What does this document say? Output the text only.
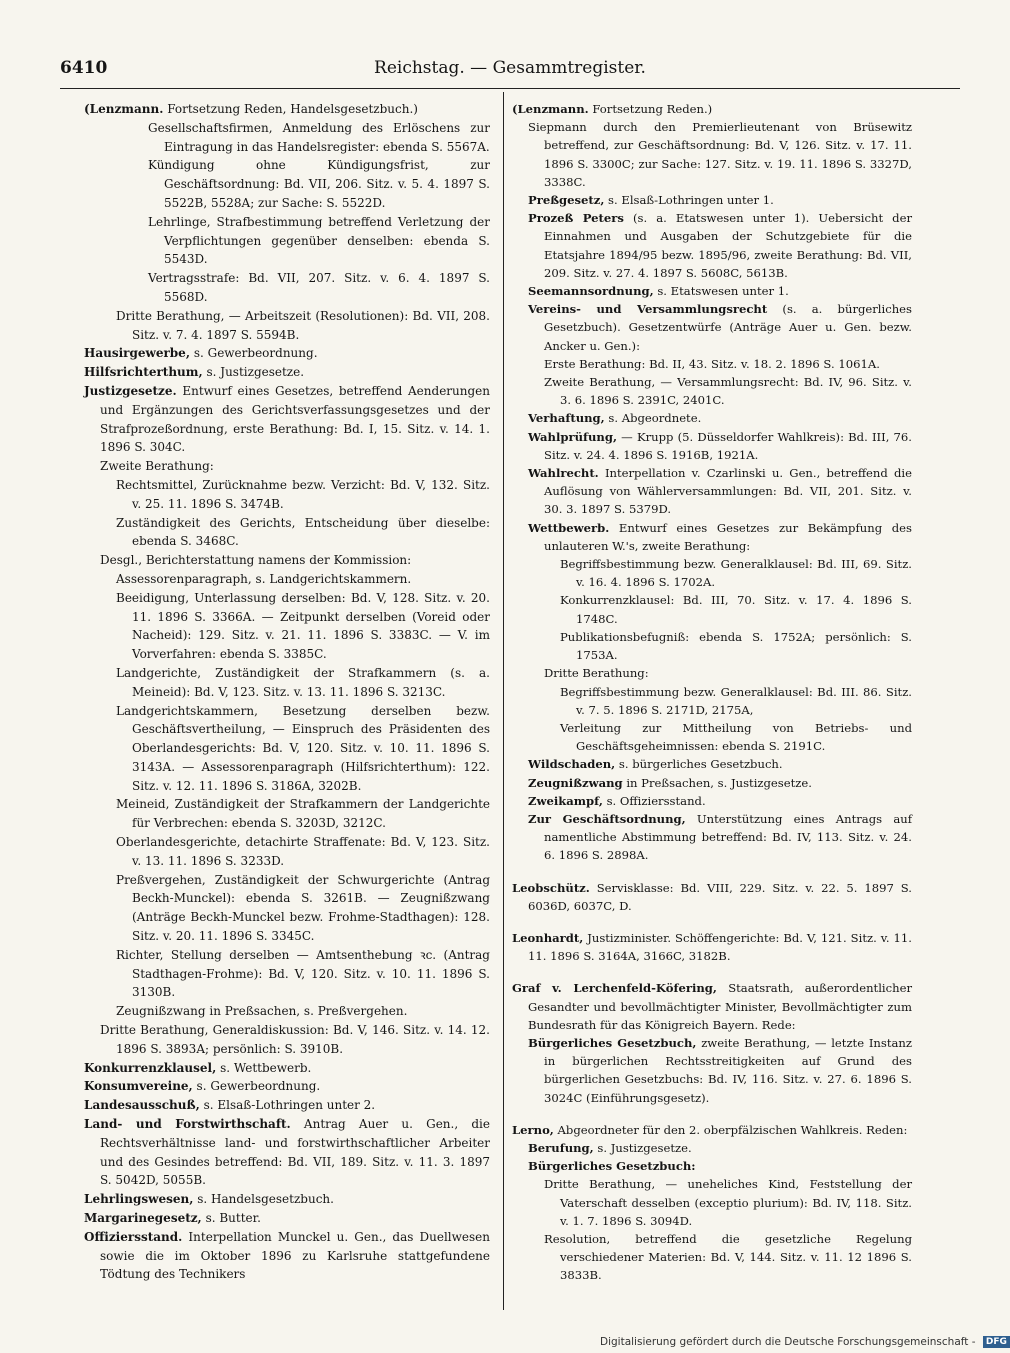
6410	Reichstag. — Gesammtregister.

(Lenzmann. Fortsetzung Reden, Handelsgesetzbuch.)

Gesellschaftsfirmen, Anmeldung des Erlöschens zur Eintragung in das Handelsregister: ebenda S. 5567A.

Kündigung ohne Kündigungsfrist, zur Geschäftsordnung: Bd. VII, 206. Sitz. v. 5. 4. 1897 S. 5522B, 5528A; zur Sache: S. 5522D.

Lehrlinge, Strafbestimmung betreffend Verletzung der Verpflichtungen gegenüber denselben: ebenda S. 5543D.

Vertragsstrafe: Bd. VII, 207. Sitz. v. 6. 4. 1897 S. 5568D.

Dritte Berathung, — Arbeitszeit (Resolutionen): Bd. VII, 208. Sitz. v. 7. 4. 1897 S. 5594B.

Hausirgewerbe, s. Gewerbeordnung.

Hilfsrichterthum, s. Justizgesetze.

Justizgesetze. Entwurf eines Gesetzes, betreffend Aenderungen und Ergänzungen des Gerichtsverfassungsgesetzes und der Strafprozeßordnung, erste Berathung: Bd. I, 15. Sitz. v. 14. 1. 1896 S. 304C.

Zweite Berathung:

Rechtsmittel, Zurücknahme bezw. Verzicht: Bd. V, 132. Sitz. v. 25. 11. 1896 S. 3474B.

Zuständigkeit des Gerichts, Entscheidung über dieselbe: ebenda S. 3468C.

Desgl., Berichterstattung namens der Kommission:

Assessorenparagraph, s. Landgerichtskammern.

Beeidigung, Unterlassung derselben: Bd. V, 128. Sitz. v. 20. 11. 1896 S. 3366A. — Zeitpunkt derselben (Voreid oder Nacheid): 129. Sitz. v. 21. 11. 1896 S. 3383C. — V. im Vorverfahren: ebenda S. 3385C.

Landgerichte, Zuständigkeit der Strafkammern (s. a. Meineid): Bd. V, 123. Sitz. v. 13. 11. 1896 S. 3213C.

Landgerichtskammern, Besetzung derselben bezw. Geschäftsvertheilung, — Einspruch des Präsidenten des Oberlandesgerichts: Bd. V, 120. Sitz. v. 10. 11. 1896 S. 3143A. — Assessorenparagraph (Hilfsrichterthum): 122. Sitz. v. 12. 11. 1896 S. 3186A, 3202B.

Meineid, Zuständigkeit der Strafkammern der Landgerichte für Verbrechen: ebenda S. 3203D, 3212C.

Oberlandesgerichte, detachirte Straffenate: Bd. V, 123. Sitz. v. 13. 11. 1896 S. 3233D.

Preßvergehen, Zuständigkeit der Schwurgerichte (Antrag Beckh-Munckel): ebenda S. 3261B. — Zeugnißzwang (Anträge Beckh-Munckel bezw. Frohme-Stadthagen): 128. Sitz. v. 20. 11. 1896 S. 3345C.

Richter, Stellung derselben — Amtsenthebung ꝛc. (Antrag Stadthagen-Frohme): Bd. V, 120. Sitz. v. 10. 11. 1896 S. 3130B.

Zeugnißzwang in Preßsachen, s. Preßvergehen.

Dritte Berathung, Generaldiskussion: Bd. V, 146. Sitz. v. 14. 12. 1896 S. 3893A; persönlich: S. 3910B.

Konkurrenzklausel, s. Wettbewerb.

Konsumvereine, s. Gewerbeordnung.

Landesausschuß, s. Elsaß-Lothringen unter 2.

Land- und Forstwirthschaft. Antrag Auer u. Gen., die Rechtsverhältnisse land- und forstwirthschaftlicher Arbeiter und des Gesindes betreffend: Bd. VII, 189. Sitz. v. 11. 3. 1897 S. 5042D, 5055B.

Lehrlingswesen, s. Handelsgesetzbuch.

Margarinegesetz, s. Butter.

Offiziersstand. Interpellation Munckel u. Gen., das Duellwesen sowie die im Oktober 1896 zu Karlsruhe stattgefundene Tödtung des Technikers

(Lenzmann. Fortsetzung Reden.)

Siepmann durch den Premierlieutenant von Brüsewitz betreffend, zur Geschäftsordnung: Bd. V, 126. Sitz. v. 17. 11. 1896 S. 3300C; zur Sache: 127. Sitz. v. 19. 11. 1896 S. 3327D, 3338C.

Preßgesetz, s. Elsaß-Lothringen unter 1.

Prozeß Peters (s. a. Etatswesen unter 1). Uebersicht der Einnahmen und Ausgaben der Schutzgebiete für die Etatsjahre 1894/95 bezw. 1895/96, zweite Berathung: Bd. VII, 209. Sitz. v. 27. 4. 1897 S. 5608C, 5613B.

Seemannsordnung, s. Etatswesen unter 1.

Vereins- und Versammlungsrecht (s. a. bürgerliches Gesetzbuch). Gesetzentwürfe (Anträge Auer u. Gen. bezw. Ancker u. Gen.):

Erste Berathung: Bd. II, 43. Sitz. v. 18. 2. 1896 S. 1061A.

Zweite Berathung, — Versammlungsrecht: Bd. IV, 96. Sitz. v. 3. 6. 1896 S. 2391C, 2401C.

Verhaftung, s. Abgeordnete.

Wahlprüfung, — Krupp (5. Düsseldorfer Wahlkreis): Bd. III, 76. Sitz. v. 24. 4. 1896 S. 1916B, 1921A.

Wahlrecht. Interpellation v. Czarlinski u. Gen., betreffend die Auflösung von Wählerversammlungen: Bd. VII, 201. Sitz. v. 30. 3. 1897 S. 5379D.

Wettbewerb. Entwurf eines Gesetzes zur Bekämpfung des unlauteren W.'s, zweite Berathung:

Begriffsbestimmung bezw. Generalklausel: Bd. III, 69. Sitz. v. 16. 4. 1896 S. 1702A.

Konkurrenzklausel: Bd. III, 70. Sitz. v. 17. 4. 1896 S. 1748C.

Publikationsbefugniß: ebenda S. 1752A; persönlich: S. 1753A.

Dritte Berathung:

Begriffsbestimmung bezw. Generalklausel: Bd. III. 86. Sitz. v. 7. 5. 1896 S. 2171D, 2175A,

Verleitung zur Mittheilung von Betriebs- und Geschäftsgeheimnissen: ebenda S. 2191C.

Wildschaden, s. bürgerliches Gesetzbuch.

Zeugnißzwang in Preßsachen, s. Justizgesetze.

Zweikampf, s. Offiziersstand.

Zur Geschäftsordnung, Unterstützung eines Antrags auf namentliche Abstimmung betreffend: Bd. IV, 113. Sitz. v. 24. 6. 1896 S. 2898A.

Leobschütz. Servisklasse: Bd. VIII, 229. Sitz. v. 22. 5. 1897 S. 6036D, 6037C, D.

Leonhardt, Justizminister. Schöffengerichte: Bd. V, 121. Sitz. v. 11. 11. 1896 S. 3164A, 3166C, 3182B.

Graf v. Lerchenfeld-Köfering, Staatsrath, außerordentlicher Gesandter und bevollmächtigter Minister, Bevollmächtigter zum Bundesrath für das Königreich Bayern. Rede:

Bürgerliches Gesetzbuch, zweite Berathung, — letzte Instanz in bürgerlichen Rechtsstreitigkeiten auf Grund des bürgerlichen Gesetzbuchs: Bd. IV, 116. Sitz. v. 27. 6. 1896 S. 3024C (Einführungsgesetz).

Lerno, Abgeordneter für den 2. oberpfälzischen Wahlkreis. Reden:

Berufung, s. Justizgesetze.

Bürgerliches Gesetzbuch:

Dritte Berathung, — uneheliches Kind, Feststellung der Vaterschaft desselben (exceptio plurium): Bd. IV, 118. Sitz. v. 1. 7. 1896 S. 3094D.

Resolution, betreffend die gesetzliche Regelung verschiedener Materien: Bd. V, 144. Sitz. v. 11. 12 1896 S. 3833B.

Digitalisierung gefördert durch die Deutsche Forschungsgemeinschaft - DFG
